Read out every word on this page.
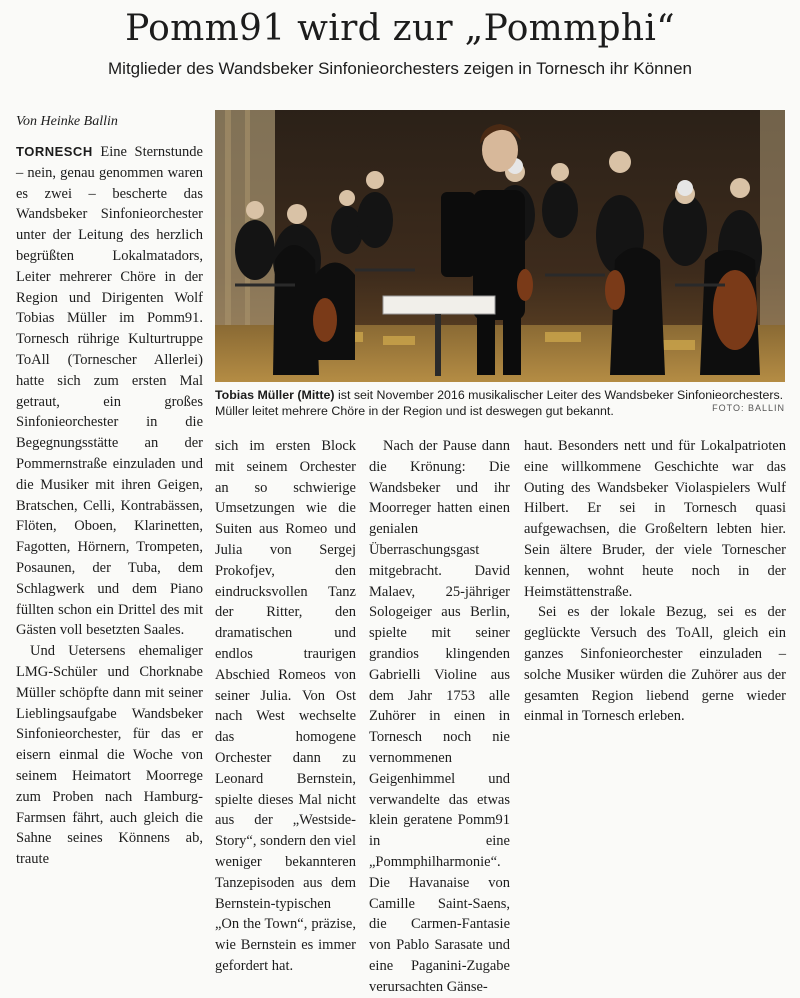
Pomm91 wird zur „Pommphi“

Mitglieder des Wandsbeker Sinfonieorchesters zeigen in Tornesch ihr Können

Von Heinke Ballin

TORNESCH Eine Sternstunde – nein, genau genommen waren es zwei – bescherte das Wandsbeker Sinfonieorchester unter der Leitung des herzlich begrüßten Lokalmatadors, Leiter mehrerer Chöre in der Region und Dirigenten Wolf Tobias Müller im Pomm91. Tornesch rührige Kulturtruppe ToAll (Tornescher Allerlei) hatte sich zum ersten Mal getraut, ein großes Sinfonieorchester in die Begegnungsstätte an der Pommernstraße einzuladen und die Musiker mit ihren Geigen, Bratschen, Celli, Kontrabässen, Flöten, Oboen, Klarinetten, Fagotten, Hörnern, Trompeten, Posaunen, der Tuba, dem Schlagwerk und dem Piano füllten schon ein Drittel des mit Gästen voll besetzten Saales.

Und Uetersens ehemaliger LMG-Schüler und Chorknabe Müller schöpfte dann mit seiner Lieblingsaufgabe Wandsbeker Sinfonieorchester, für das er eisern einmal die Woche von seinem Heimatort Moorrege zum Proben nach Hamburg-Farmsen fährt, auch gleich die Sahne seines Könnens ab, traute

Tobias Müller (Mitte) ist seit November 2016 musikalischer Leiter des Wandsbeker Sinfonieorchesters. Müller leitet mehrere Chöre in der Region und ist deswegen gut bekannt.	FOTO: BALLIN

sich im ersten Block mit seinem Orchester an so schwierige Umsetzungen wie die Suiten aus Romeo und Julia von Sergej Prokofjev, den eindrucksvollen Tanz der Ritter, den dramatischen und endlos traurigen Abschied Romeos von seiner Julia. Von Ost nach West wechselte das homogene Orchester dann zu Leonard Bernstein, spielte dieses Mal nicht aus der „Westside-Story“, sondern den viel weniger bekannteren Tanzepisoden aus dem Bernstein-typischen „On the Town“, präzise, wie Bernstein es immer gefordert hat.

Nach der Pause dann die Krönung: Die Wandsbeker und ihr Moorreger hatten einen genialen Überraschungsgast mitgebracht. David Malaev, 25-jähriger Sologeiger aus Berlin, spielte mit seiner grandios klingenden Gabrielli Violine aus dem Jahr 1753 alle Zuhörer in einen in Tornesch noch nie vernommenen Geigenhimmel und verwandelte das etwas klein geratene Pomm91 in eine „Pommphilharmonie“. Die Havanaise von Camille Saint-Saens, die Carmen-Fantasie von Pablo Sarasate und eine Paganini-Zugabe verursachten Gänse-

haut. Besonders nett und für Lokalpatrioten eine willkommene Geschichte war das Outing des Wandsbeker Violaspielers Wulf Hilbert. Er sei in Tornesch quasi aufgewachsen, die Großeltern lebten hier. Sein ältere Bruder, der viele Tornescher kennen, wohnt heute noch in der Heimstättenstraße.

Sei es der lokale Bezug, sei es der geglückte Versuch des ToAll, gleich ein ganzes Sinfonieorchester einzuladen – solche Musiker würden die Zuhörer aus der gesamten Region liebend gerne wieder einmal in Tornesch erleben.
